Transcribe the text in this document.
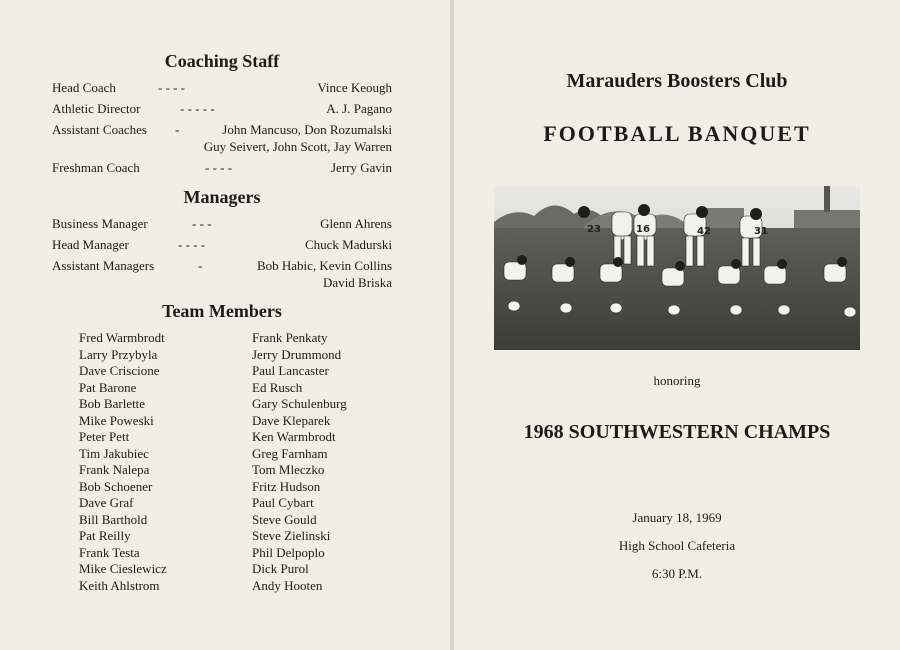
Coaching Staff
Head Coach	- - - -	Vince Keough
Athletic Director	- - - - -	A. J. Pagano
Assistant Coaches -	John Mancuso, Don Rozumalski
Guy Seivert, John Scott, Jay Warren
Freshman Coach	- - - -	Jerry Gavin
Managers
Business Manager	- - -	Glenn Ahrens
Head Manager	- - - -	Chuck Madurski
Assistant Managers	-	Bob Habic, Kevin Collins
David Briska
Team Members
Fred Warmbrodt
Larry Przybyla
Dave Criscione
Pat Barone
Bob Barlette
Mike Poweski
Peter Pett
Tim Jakubiec
Frank Nalepa
Bob Schoener
Dave Graf
Bill Barthold
Pat Reilly
Frank Testa
Mike Cieslewicz
Keith Ahlstrom
Frank Penkaty
Jerry Drummond
Paul Lancaster
Ed Rusch
Gary Schulenburg
Dave Kleparek
Ken Warmbrodt
Greg Farnham
Tom Mleczko
Fritz Hudson
Paul Cybart
Steve Gould
Steve Zielinski
Phil Delpoplo
Dick Purol
Andy Hooten
Marauders Boosters Club
FOOTBALL BANQUET
23	16	42	31
honoring
1968 SOUTHWESTERN CHAMPS
January 18, 1969
High School Cafeteria
6:30 P.M.
